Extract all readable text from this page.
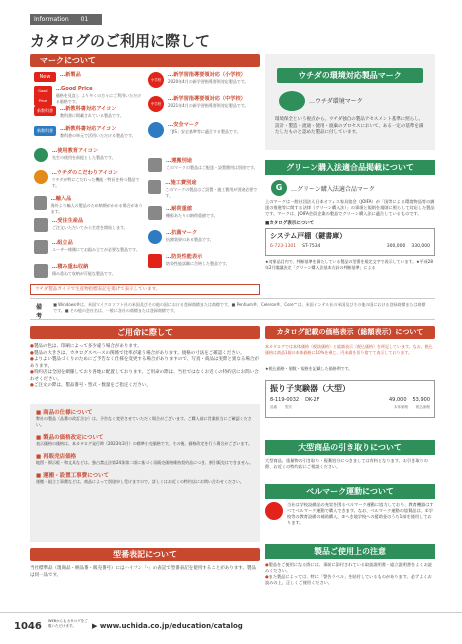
Information 01
カタログのご利用に際して
マークについて
New	…新製品
Good Price
…Good Price
価格を見直し より多くの方々にご利用いただける価格です。
新教科書	…新教科書対応アイコン
教科書に掲載されている製品です。
新教科書	…新教科書対応アイコン
教科書の単元で活用いただける製品です。
…使用教育アイコン
先生の使用を前提とした製品です。
…ウチダのこだわりアイコン
ウチダが特にこだわった機能・特長を持つ製品です。
…輸入品
海外より輸入の製品のため納期がかかる場合があります。
…受注生産品
ご注文いただいてから生産を開始します。
…組立品
ユーザー様側にてお組み立てが必要な製品です。
…積み重ね収納
積み重ねて収納が可能な製品です。
小学校
…新学習指導要領対応（小学校）
2020年4月の新学習指導要領対応製品です。
中学校
…新学習指導要領対応（中学校）
2021年4月の新学習指導要領対応製品です。
…安全マーク
「JIS」安全基準等に適合する製品です。
…運搬別途
このマークの製品はご配達・設置費用は別途です。
…施工費別途
このマークの製品はご設置・施工費用が別途必要です。
…耐荷重値
棚板あたりの耐荷重値です。
…抗菌マーク
抗菌効果のある製品です。
…防炎性能表示
防炎性能試験に合格した製品です。
ウチダ製品ガイドで生産物指標表記を掲げて表示しています。
備考
■ Windows®は、米国マイクロソフト社の米国及びその他の国における登録商標または商標です。■ Pentium®、Celeron®、Core™は、米国インテル社の米国及びその他の国における登録商標または商標です。■ その他の会社名は、一般に各社の商標または登録商標です。
ウチダの環境対応製品マーク
…ウチダ環境マーク
環境保全という視点から、ウチダ独自の製品アセスメント基準に照らし、設計・製造・流通・使用・廃棄のプロセスにおいて、ある一定の基準を満たしたものと認めた製品に付しています。
グリーン購入法適合品掲載について
G	…グリーン購入法適合品マーク
上のマークは一般社団法人日本オフィス家具協会（JOIFA）が「国等による環境物品等の調達の推進等に関する法律（グリーン購入法）」の事項と規則を規則に照らして対応した製品です。マークは、JOIFA会員企業の製品でグリーン購入法に適合しているものです。
■カタログ表示について
システム戸棚（鍵書庫）
6-723-1301 ST-7534	300,000 330,000
★対象品目内で、判断基準を満たしている製品の型番を規定文字で表示しています。★平成28年2月閣議決定「グリーン購入法基本方針の判断基準」による
ご用命に際して
●製品の色は、印刷によって多少違う場合があります。
●製品の大きさは、カタログスペースの関係で比率が違う場合があります。規格の寸法をご確認ください。
●よりよい製品づくりのためにご予告なく仕様を変更する場合がありますので、写真・商品は実際と異なる場合があります。
●特約店は全国を網羅しており各地に配置しております。ご用命の際は、当社ではなくお近くの特約店にお問い合わせください。
●ご注文の際は、製品番号・型式・数量をご指定ください。
■ 商品の仕様について
弊社の製品（品番の改訂含む）は、予告なく変更させていただく場合がございます。ご購入前に営業担当にご確認ください。
■ 製品の価格改定について
表示価格の価格は、本カタログ発行時（2023年3月）の標準小売価格です。その後、価格改定を行う場合がございます。
■ 再販売店価格
地図・掲示板・和文具などは、独占禁止法第24条第二項に基づく再販売価格維持契約品につき、割引販売はできません。
■ 運搬・設置工事費について
運搬・組立工事費などは、商品によって別途申し受けますので、詳しくはお近くの特約店にお問い合わせください。
型番表記について
当社標準品（現商品・納品番・販売番号）にはハイフン「-」の表記で型番表記を使用することがあります。製品は同一品です。
カタログ記載の価格表示（総額表示）について
本カタログでは本体価格（税抜価格）と総額表示（税込価格）を併記しています。なお、税込価格は商品1個の本体価格に10%を乗じ、円未満を切り捨てて表示しております。
★税込価格・個数・規格を記載した価格例です。
振り子実験器（大型）
8-119-0032 DK-2F	49,000 53,900
品番 型式	本体価格 税込価格
大型商品の引き取りについて
大型商品、重量物の引き取り・廃棄処分につきましては有料となります。お引き取りの際、お近くの特約店にご相談ください。
ベルマーク運動について
当社は学校設備品の充実を図るベルマーク運動に協力しており、教育機器はすべてベルマーク運動で購入できます。なお、ベルマーク運動の協賛品は、①学校等の教育設備の補助購入、②へき地学校への援助金のうち1部を使用しております。
製品ご使用上の注意
●製品をご使用になる際には、事前に添付されている取扱説明書・組立説明書をよくお読みください。
●また製品によっては、特に「警告ラベル」を貼付しているものがあります。必ずよくお読みの上、正しくご使用ください。
1046 WEBからもカタログをご覧いただけます。	▶ www.uchida.co.jp/education/catalog
